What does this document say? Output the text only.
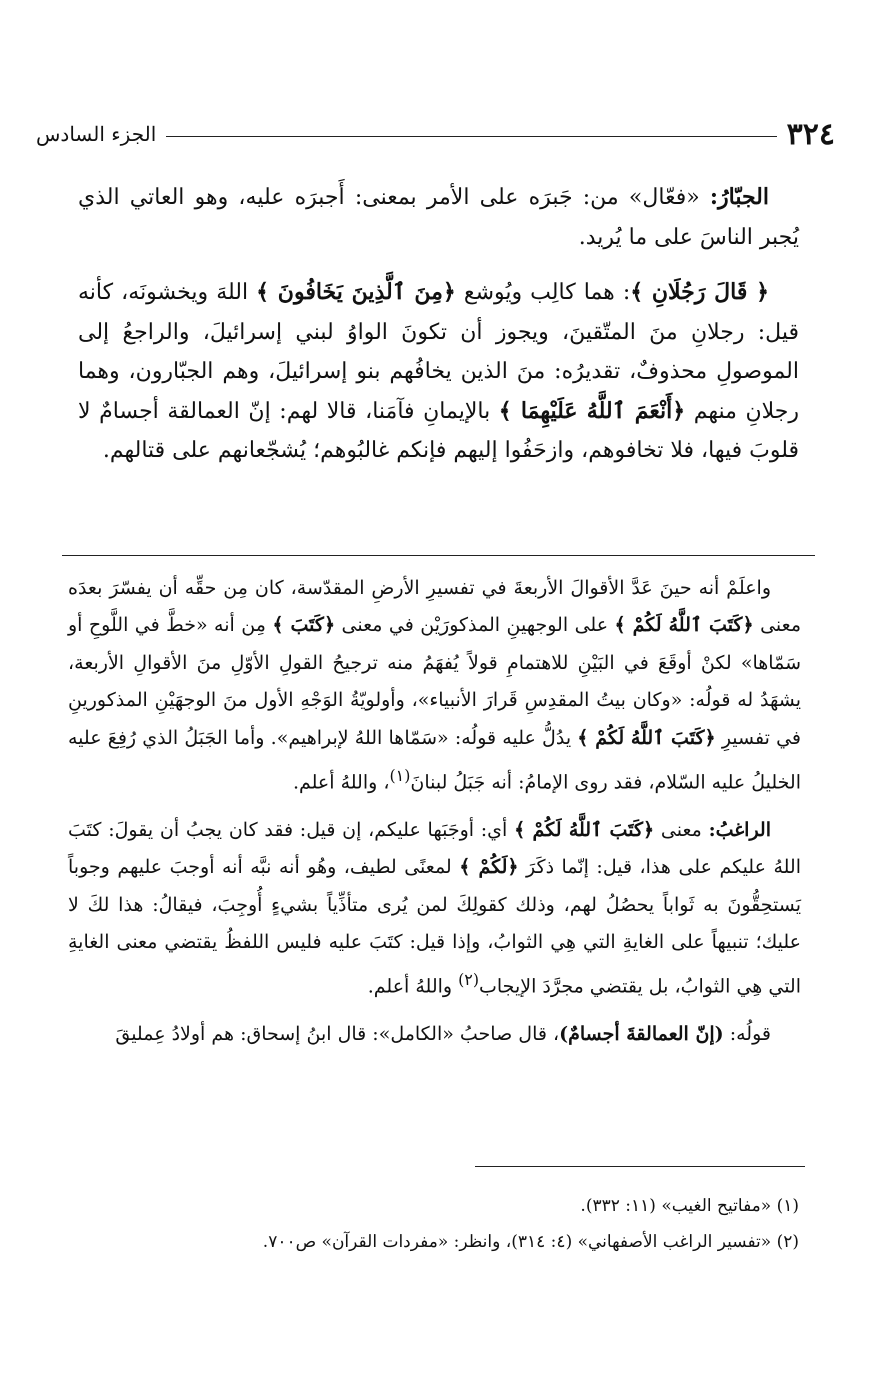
٣٢٤
الجزء السادس

الجبّارُ: «فعّال» من: جَبرَه على الأمر بمعنى: أَجبرَه عليه، وهو العاتي الذي يُجبر الناسَ على ما يُريد.

﴿ قَالَ رَجُلَانِ ﴾: هما كالِب ويُوشع ﴿مِنَ ٱلَّذِينَ يَخَافُونَ ﴾ اللهَ ويخشونَه، كأنه قيل: رجلانِ منَ المتّقينَ، ويجوز أن تكونَ الواوُ لبني إسرائيلَ، والراجعُ إلى الموصولِ محذوفٌ، تقديرُه: منَ الذين يخافُهم بنو إسرائيلَ، وهم الجبّارون، وهما رجلانِ منهم ﴿أَنْعَمَ ٱللَّهُ عَلَيْهِمَا ﴾ بالإيمانِ فآمَنا، قالا لهم: إنّ العمالقة أجسامٌ لا قلوبَ فيها، فلا تخافوهم، وازحَفُوا إليهم فإنكم غالبُوهم؛ يُشجّعانهم على قتالهم.

واعلَمْ أنه حينَ عَدَّ الأقوالَ الأربعةَ في تفسيرِ الأرضِ المقدّسة، كان مِن حقِّه أن يفسّرَ بعدَه معنى ﴿كَتَبَ ٱللَّهُ لَكُمْ ﴾ على الوجهينِ المذكورَيْن في معنى ﴿كَتَبَ ﴾ مِن أنه «خطَّ في اللَّوحِ أو سَمّاها» لكنْ أوقَعَ في البَيْنِ للاهتمامِ قولاً يُفهَمُ منه ترجيحُ القولِ الأوّلِ منَ الأقوالِ الأربعة، يشهَدُ له قولُه: «وكان بيتُ المقدِسِ قَرارَ الأنبياء»، وأولويّةُ الوَجْهِ الأول منَ الوجهَيْنِ المذكورينِ في تفسيرِ ﴿كَتَبَ ٱللَّهُ لَكُمْ ﴾ يدُلُّ عليه قولُه: «سَمّاها اللهُ لإبراهيم». وأما الجَبَلُ الذي رُفِعَ عليه الخليلُ عليه السّلام، فقد روى الإمامُ: أنه جَبَلُ لبنانَ$^{(١)}$، واللهُ أعلم.

الراغبُ: معنى ﴿كَتَبَ ٱللَّهُ لَكُمْ ﴾ أي: أوجَبَها عليكم، إن قيل: فقد كان يجبُ أن يقولَ: كتَبَ اللهُ عليكم على هذا، قيل: إنّما ذكَرَ ﴿لَكُمْ ﴾ لمعنًى لطيف، وهُو أنه نبَّه أنه أوجبَ عليهم وجوباً يَستحِقُّونَ به ثَواباً يحصُلُ لهم، وذلك كقولِكَ لمن يُرى متأذِّياً بشيءٍ أُوجِبَ، فيقالُ: هذا لكَ لا عليك؛ تنبيهاً على الغايةِ التي هِي الثوابُ، وإذا قيل: كتَبَ عليه فليس اللفظُ يقتضي معنى الغايةِ التي هِي الثوابُ، بل يقتضي مجرَّدَ الإيجاب$^{(٢)}$ واللهُ أعلم.

قولُه: (إنّ العمالقةَ أجسامٌ)، قال صاحبُ «الكامل»: قال ابنُ إسحاق: هم أولادُ عِمليقَ

(١) «مفاتيح الغيب» (١١: ٣٣٢).

(٢) «تفسير الراغب الأصفهاني» (٤: ٣١٤)، وانظر: «مفردات القرآن» ص٧٠٠.
